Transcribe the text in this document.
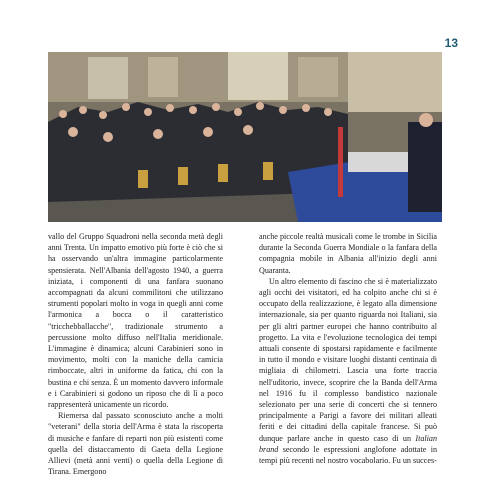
13

vallo del Gruppo Squadroni nella seconda metà degli anni Trenta. Un impatto emotivo più forte è ciò che si ha osservando un'altra immagine particolarmente spensierata. Nell'Albania dell'agosto 1940, a guerra iniziata, i componenti di una fanfara suonano accompagnati da alcuni commilitoni che utilizzano strumenti popolari molto in voga in quegli anni come l'armonica a bocca o il caratteristico "tricchebballacche", tradizionale strumento a percussione molto diffuso nell'Italia meridionale. L'immagine è dinamica; alcuni Carabinieri sono in movimento, molti con la maniche della camicia rimboccate, altri in uniforme da fatica, chi con la bustina e chi senza. È un momento davvero informale e i Carabinieri si godono un riposo che di lì a poco rappresenterà unicamente un ricordo.

Riemersa dal passato sconosciuto anche a molti "veterani" della storia dell'Arma è stata la riscoperta di musiche e fanfare di reparti non più esistenti come quella del distaccamento di Gaeta della Legione Allievi (metà anni venti) o quella della Legione di Tirana. Emergono

anche piccole realtà musicali come le trombe in Sicilia durante la Seconda Guerra Mondiale o la fanfara della compagnia mobile in Albania all'inizio degli anni Quaranta.

Un altro elemento di fascino che si è materializzato agli occhi dei visitatori, ed ha colpito anche chi si è occupato della realizzazione, è legato alla dimensione internazionale, sia per quanto riguarda noi Italiani, sia per gli altri partner europei che hanno contribuito al progetto. La vita e l'evoluzione tecnologica dei tempi attuali consente di spostarsi rapidamente e facilmente in tutto il mondo e visitare luoghi distanti centinaia di migliaia di chilometri. Lascia una forte traccia nell'uditorio, invece, scoprire che la Banda dell'Arma nel 1916 fu il complesso bandistico nazionale selezionato per una serie di concerti che si tennero principalmente a Parigi a favore dei militari alleati feriti e dei cittadini della capitale francese. Si può dunque parlare anche in questo caso di un Italian brand secondo le espressioni anglofone adottate in tempi più recenti nel nostro vocabolario. Fu un succes-
